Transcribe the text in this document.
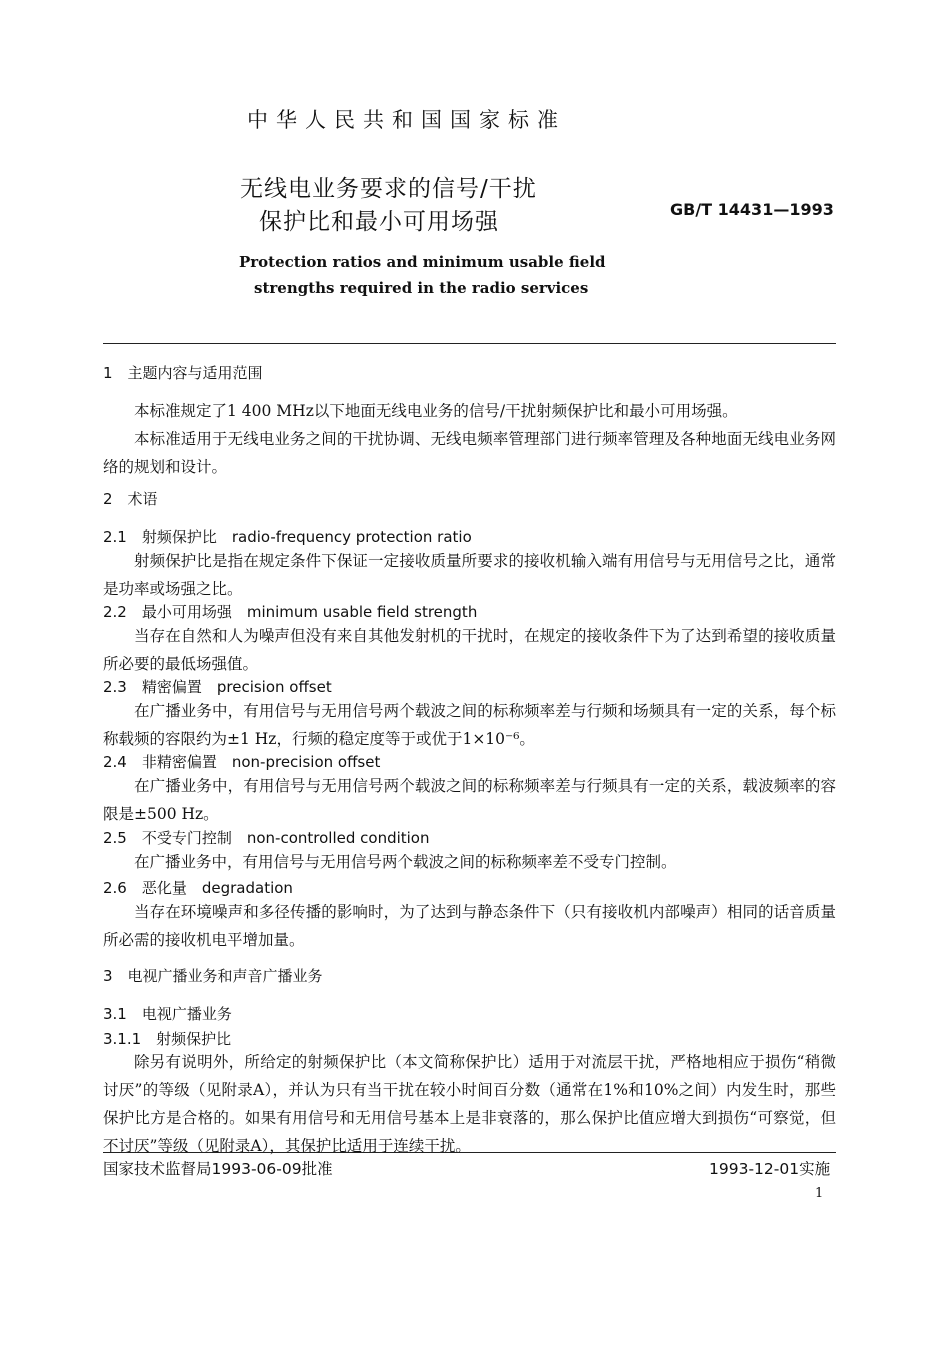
中华人民共和国国家标准
无线电业务要求的信号/干扰
保护比和最小可用场强	GB/T 14431—1993
Protection ratios and minimum usable field
strengths required in the radio services
1　主题内容与适用范围
本标准规定了1 400 MHz以下地面无线电业务的信号/干扰射频保护比和最小可用场强。
本标准适用于无线电业务之间的干扰协调、无线电频率管理部门进行频率管理及各种地面无线电业务网络的规划和设计。
2　术语
2.1　射频保护比　radio-frequency protection ratio
射频保护比是指在规定条件下保证一定接收质量所要求的接收机输入端有用信号与无用信号之比，通常是功率或场强之比。
2.2　最小可用场强　minimum usable field strength
当存在自然和人为噪声但没有来自其他发射机的干扰时，在规定的接收条件下为了达到希望的接收质量所必要的最低场强值。
2.3　精密偏置　precision offset
在广播业务中，有用信号与无用信号两个载波之间的标称频率差与行频和场频具有一定的关系，每个标称载频的容限约为±1 Hz，行频的稳定度等于或优于1×10⁻⁶。
2.4　非精密偏置　non-precision offset
在广播业务中，有用信号与无用信号两个载波之间的标称频率差与行频具有一定的关系，载波频率的容限是±500 Hz。
2.5　不受专门控制　non-controlled condition
在广播业务中，有用信号与无用信号两个载波之间的标称频率差不受专门控制。
2.6　恶化量　degradation
当存在环境噪声和多径传播的影响时，为了达到与静态条件下（只有接收机内部噪声）相同的话音质量所必需的接收机电平增加量。
3　电视广播业务和声音广播业务
3.1　电视广播业务
3.1.1　射频保护比
除另有说明外，所给定的射频保护比（本文简称保护比）适用于对流层干扰，严格地相应于损伤“稍微讨厌”的等级（见附录A），并认为只有当干扰在较小时间百分数（通常在1%和10%之间）内发生时，那些保护比方是合格的。如果有用信号和无用信号基本上是非衰落的，那么保护比值应增大到损伤“可察觉，但不讨厌”等级（见附录A），其保护比适用于连续干扰。
国家技术监督局1993-06-09批准	1993-12-01实施
1
